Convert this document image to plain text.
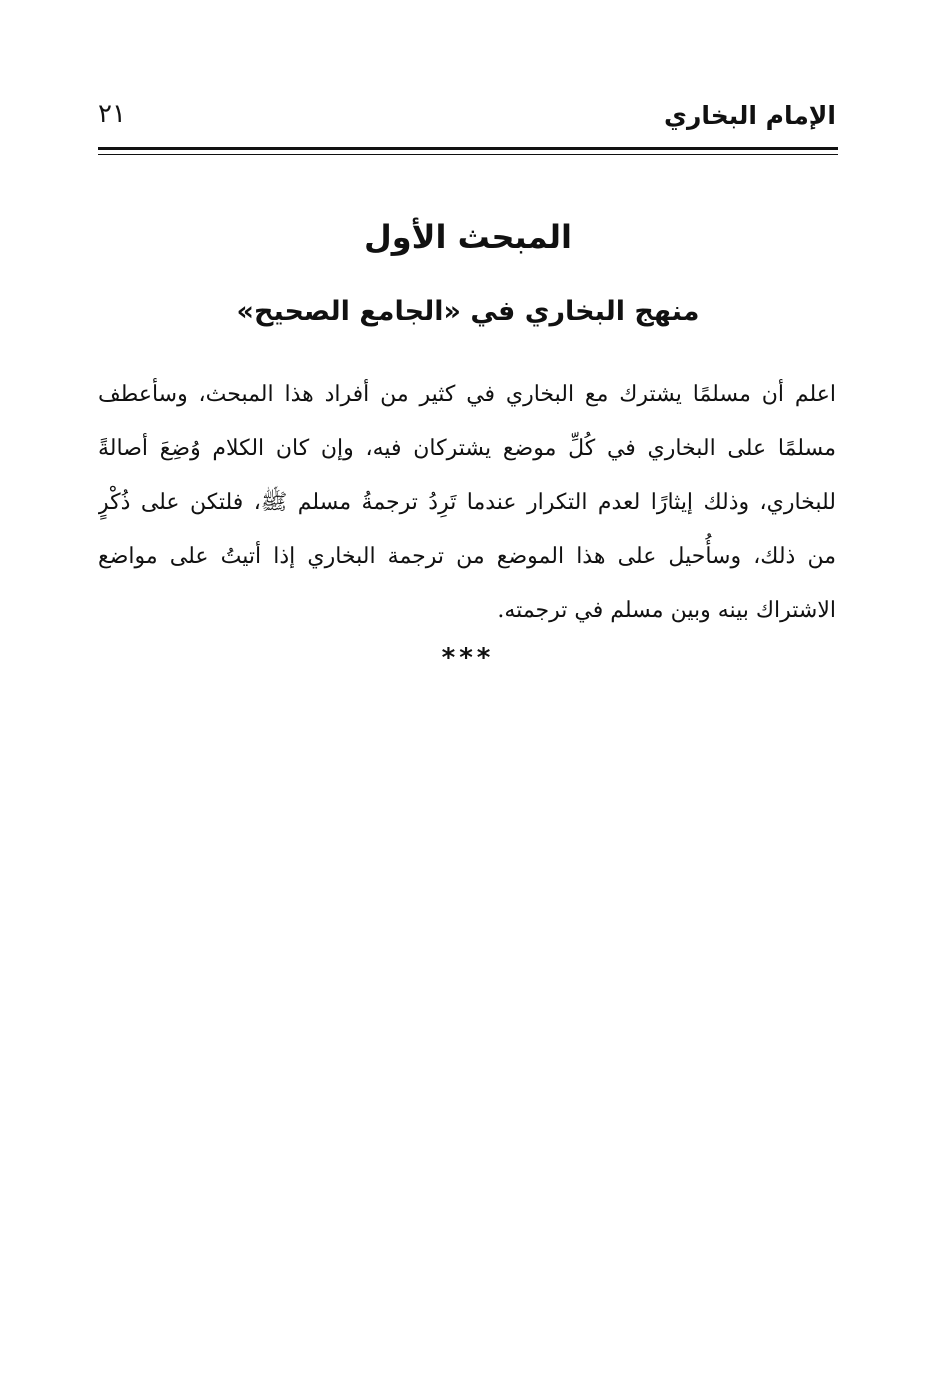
الإمام البخاري
٢١
المبحث الأول
منهج البخاري في «الجامع الصحيح»
اعلم أن مسلمًا يشترك مع البخاري في كثير من أفراد هذا المبحث، وسأعطف
مسلمًا على البخاري في كُلِّ موضع يشتركان فيه، وإن كان الكلام وُضِعَ أصالةً
للبخاري، وذلك إيثارًا لعدم التكرار عندما تَرِدُ ترجمةُ مسلم ﷺ، فلتكن على ذُكْرٍ
من ذلك، وسأُحيل على هذا الموضع من ترجمة البخاري إذا أتيتُ على مواضع
الاشتراك بينه وبين مسلم في ترجمته.
***
